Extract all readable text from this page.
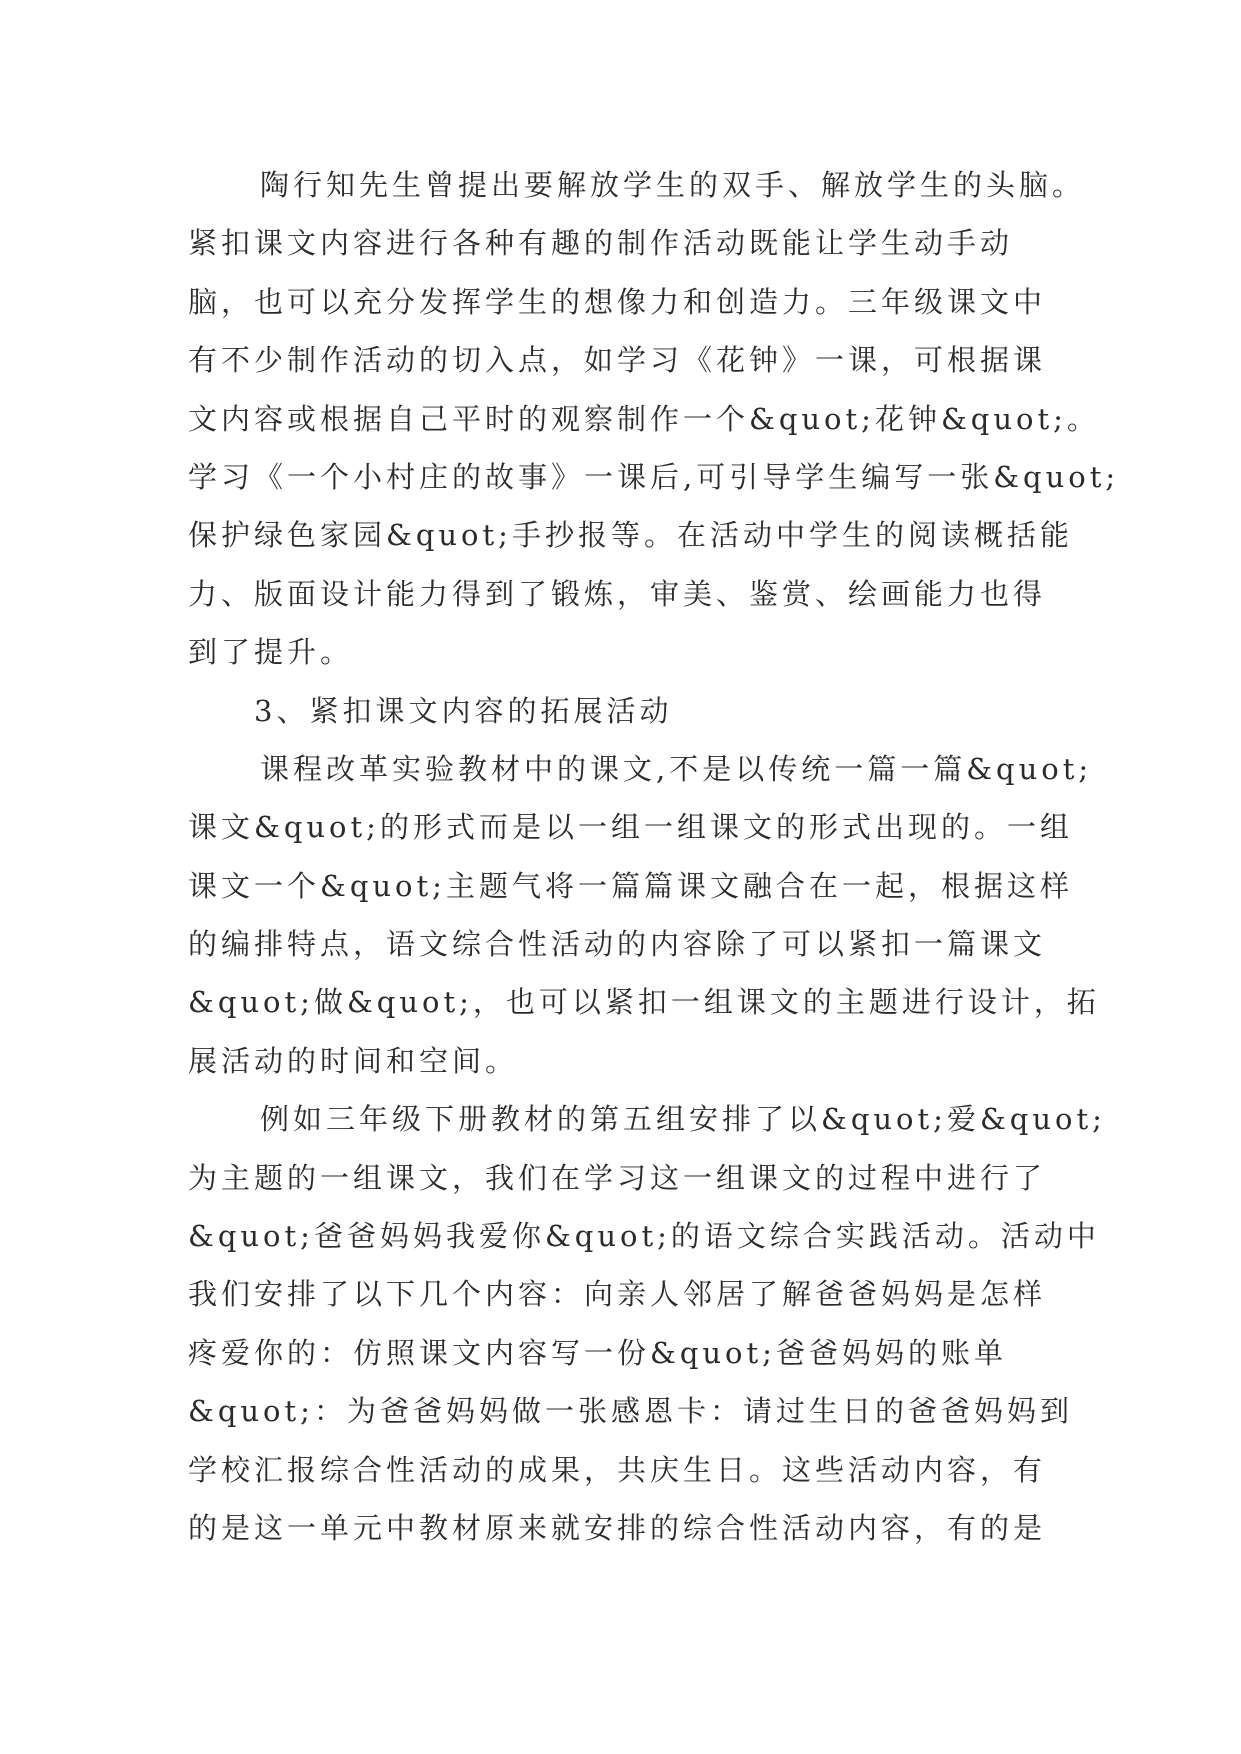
陶行知先生曾提出要解放学生的双手、解放学生的头脑。
紧扣课文内容进行各种有趣的制作活动既能让学生动手动
脑，也可以充分发挥学生的想像力和创造力。三年级课文中
有不少制作活动的切入点，如学习《花钟》一课，可根据课
文内容或根据自己平时的观察制作一个&quot;花钟&quot;。
学习《一个小村庄的故事》一课后,可引导学生编写一张&quot;
保护绿色家园&quot;手抄报等。在活动中学生的阅读概括能
力、版面设计能力得到了锻炼，审美、鉴赏、绘画能力也得
到了提升。
3、紧扣课文内容的拓展活动
课程改革实验教材中的课文,不是以传统一篇一篇&quot;
课文&quot;的形式而是以一组一组课文的形式出现的。一组
课文一个&quot;主题气将一篇篇课文融合在一起，根据这样
的编排特点，语文综合性活动的内容除了可以紧扣一篇课文
&quot;做&quot;，也可以紧扣一组课文的主题进行设计，拓
展活动的时间和空间。
例如三年级下册教材的第五组安排了以&quot;爱&quot;
为主题的一组课文，我们在学习这一组课文的过程中进行了
&quot;爸爸妈妈我爱你&quot;的语文综合实践活动。活动中
我们安排了以下几个内容：向亲人邻居了解爸爸妈妈是怎样
疼爱你的：仿照课文内容写一份&quot;爸爸妈妈的账单
&quot;：为爸爸妈妈做一张感恩卡：请过生日的爸爸妈妈到
学校汇报综合性活动的成果，共庆生日。这些活动内容，有
的是这一单元中教材原来就安排的综合性活动内容，有的是
